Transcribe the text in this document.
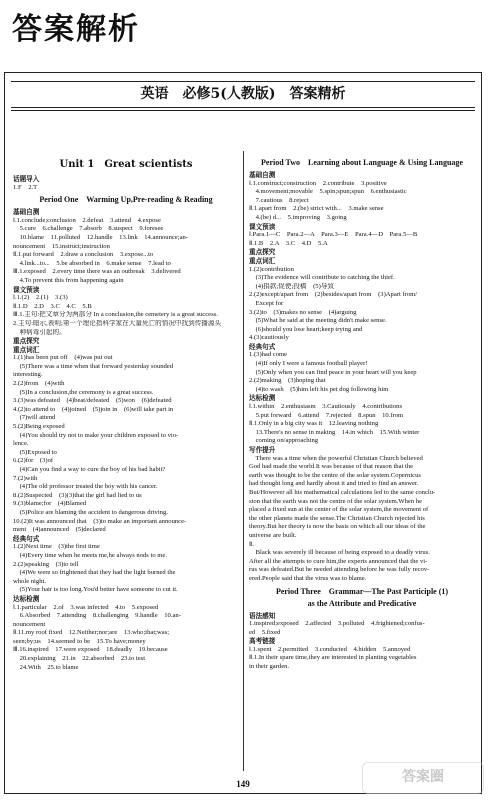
答案解析
英语　必修5(人教版)　答案精析
Unit 1　Great scientists
话题导入
1.F　2.T
Period One　Warming Up,Pre-reading & Reading
基础自测
Ⅰ.1.conclude;conclusion　2.defeat　3.attend　4.expose
　5.cure　6.challenge　7.absorb　8.suspect　9.foresee
　10.blame　11.polluted　12.handle　13.link　14.announce;an-
nouncement　15.instruct;instruction
Ⅱ.1.put forward　2.draw a conclusion　3.expose...to
　4.link...to...　5.be absorbed in　6.make sense　7.lead to
Ⅲ.1.exposed　2.every time there was an outbreak　3.delivered
　4.To prevent this from happening again
课文预读
Ⅰ.1.(2)　2.(1)　3.(3)
Ⅱ.1.D　2.D　3.C　4.C　5.B
Ⅲ.1.主句:把文章分为两部分 In a conclusion,the cemetery is a great success.
2.主句:暗示,表明;第一个理论指科学家在大量死亡的情况中找到传播源头
　种病毒引起的。
重点探究
重点词汇
1.(1)has been put off　(4)was put out
　(5)There was a time when that forward yesterday sounded
interesting.
2.(2)from　(4)with
　(5)In a conclusion,the ceremony is a great success.
3.(3)was defeated　(4)beat/defeated　(5)won　(6)defeated
4.(2)to attend to　(4)joined　(5)join in　(6)will take part in
　(7)will attend
5.(2)Being exposed
　(4)You should try not to make your children exposed to vio-
lence.
　(5)Exposed to
6.(2)for　(3)of
　(4)Can you find a way to cure the boy of his bad habit?
7.(2)with
　(4)The old professor treated the boy with his cancer.
8.(2)Suspected　(3)(3)that the girl had lied to us
9.(3)blame;for　(4)Blamed
　(5)Police are blaming the accident to dangerous driving.
10.(2)It was announced that　(3)to make an important announce-
ment　(4)announced　(5)declared
经典句式
1.(2)Next time　(3)the first time
　(4)Every time when he meets me,he always nods to me.
2.(2)speaking　(3)to tell
　(4)We were so frightened that they had the light burned the
whole night.
　(5)Your hair is too long.You'd better have someone to cut it.
达标检测
Ⅰ.1.particular　2.of　3.was infected　4.to　5.exposed
　6.Absorbed　7.attending　8.challenging　9.handle　10.an-
nouncement
Ⅱ.11.my roof fixed　12.Neither;nor;are　13.who;that;was;
seen;by;us　14.seemed to be　15.To have;money
Ⅲ.16.inspired　17.were exposed　18.deadly　19.because
　20.explaining　21.in　22.absorbed　23.to test
　24.With　25.to blame
Period Two　Learning about Language & Using Language
基础自测
Ⅰ.1.construct;construction　2.contribute　3.positive
　4.movement;movable　5.spin;spun;spun　6.enthusiastic
　7.cautious　8.reject
Ⅱ.1.apart from　2.(be) strict with...　3.make sense
　4.(be) d...　5.improving　3.going
课文预读
Ⅰ.Para.1—C　Para.2—A　Para.3—E　Para.4—D　Para.5—B
Ⅱ.1.B　2.A　3.C　4.D　5.A
重点探究
重点词汇
1.(2)contribution
　(3)The evidence will contribute to catching the thief.
　(4)捐款;促使;投稿　(5)导致
2.(2)except/apart from　(2)besides/apart from　(3)Apart from/
　Except for
3.(2)to　(3)makes no sense　(4)arguing
　(5)What he said at the meeting didn't make sense.
　(6)should you lose heart;keep trying and
4.(3)cautiously
经典句式
1.(3)had come
　(4)If only I were a famous football player!
　(5)Only when you can find peace in your heart will you keep
2.(2)making　(3)hoping that
　(4)to wash　(5)him left his pet dog following him
达标检测
Ⅰ.1.within　2.enthusiasm　3.Cautiously　4.contributions
　5.put forward　6.attend　7.rejected　8.spun　10.from
Ⅱ.1.Only in a big city was it　12.leaving nothing
　13.There's no sense in making　14.in which　15.With winter
　coming on/approaching
写作提升
　There was a time when the powerful Christian Church believed
God had made the world.It was because of that reason that the
earth was thought to be the centre of the solar system.Copernicus
had thought long and hardly about it and tried to find an answer.
But/However all his mathematical calculations led to the same conclu-
sion that the earth was not the centre of the solar system.When he
placed a fixed sun at the center of the solar system,the movement of
the other planets made the sense.The Christian Church rejected his
theory.But her theory is now the basis on which all our ideas of the
universe are built.
Ⅱ.
　Black was severely ill because of being exposed to a deadly virus.
After all the attempts to cure him,the experts announced that the vi-
rus was defeated.But he needed attending before he was fully recov-
ered.People said that the virus was to blame.
Period Three　Grammar—The Past Participle (1)
as the Attribute and Predicative
语法感知
1.inspired;exposed　2.affected　3.polluted　4.frightened;confus-
ed　5.fixed
高考链接
Ⅰ.1.spent　2.permitted　3.conducted　4.hidden　5.annoyed
Ⅱ.1.In their spare time,they are interested in planting vegetables
in their garden.
149	答案圈
